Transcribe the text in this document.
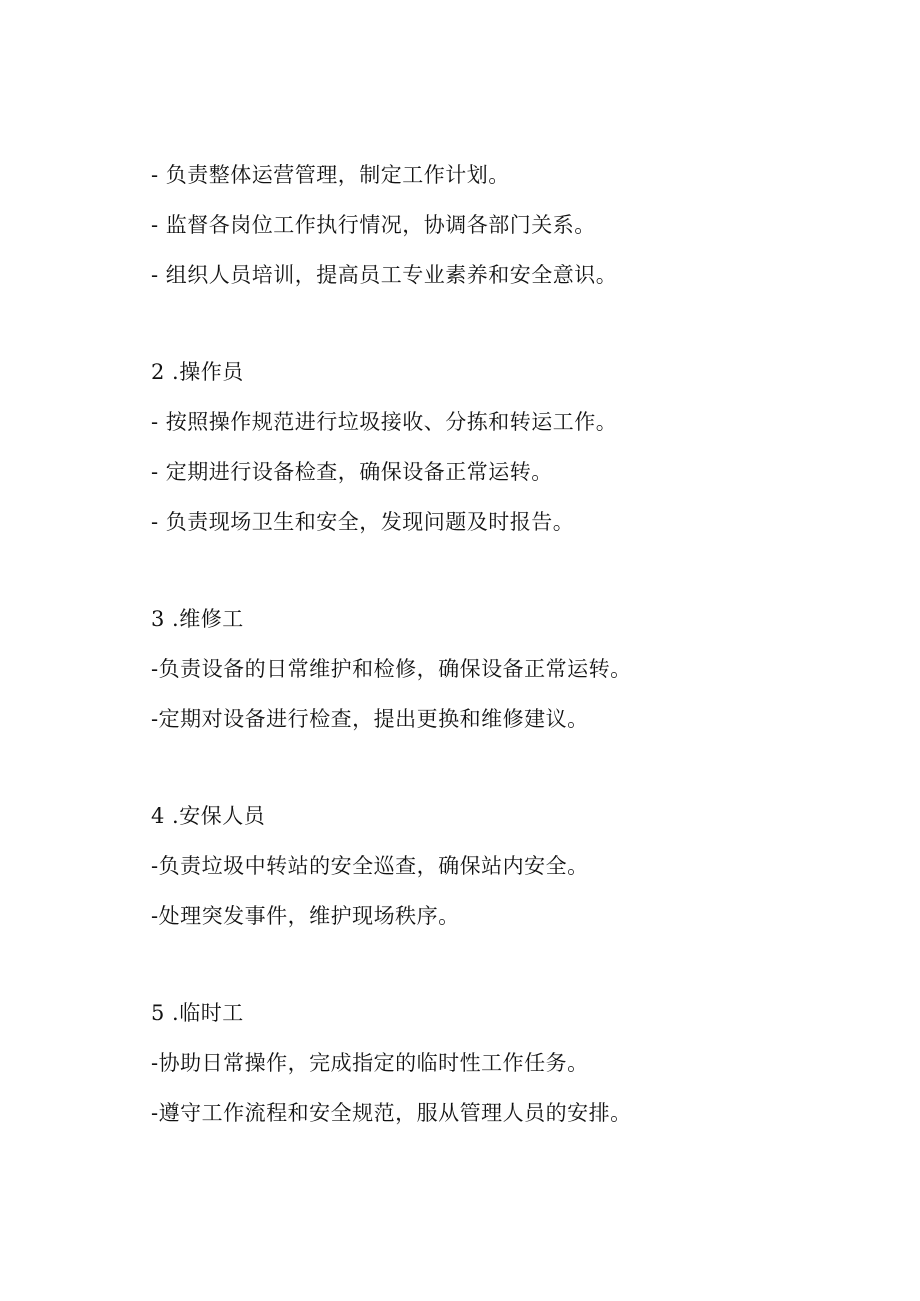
- 负责整体运营管理，制定工作计划。
- 监督各岗位工作执行情况，协调各部门关系。
- 组织人员培训，提高员工专业素养和安全意识。
2 .操作员
- 按照操作规范进行垃圾接收、分拣和转运工作。
- 定期进行设备检查，确保设备正常运转。
- 负责现场卫生和安全，发现问题及时报告。
3 .维修工
-负责设备的日常维护和检修，确保设备正常运转。
-定期对设备进行检查，提出更换和维修建议。
4 .安保人员
-负责垃圾中转站的安全巡查，确保站内安全。
-处理突发事件，维护现场秩序。
5 .临时工
-协助日常操作，完成指定的临时性工作任务。
-遵守工作流程和安全规范，服从管理人员的安排。
